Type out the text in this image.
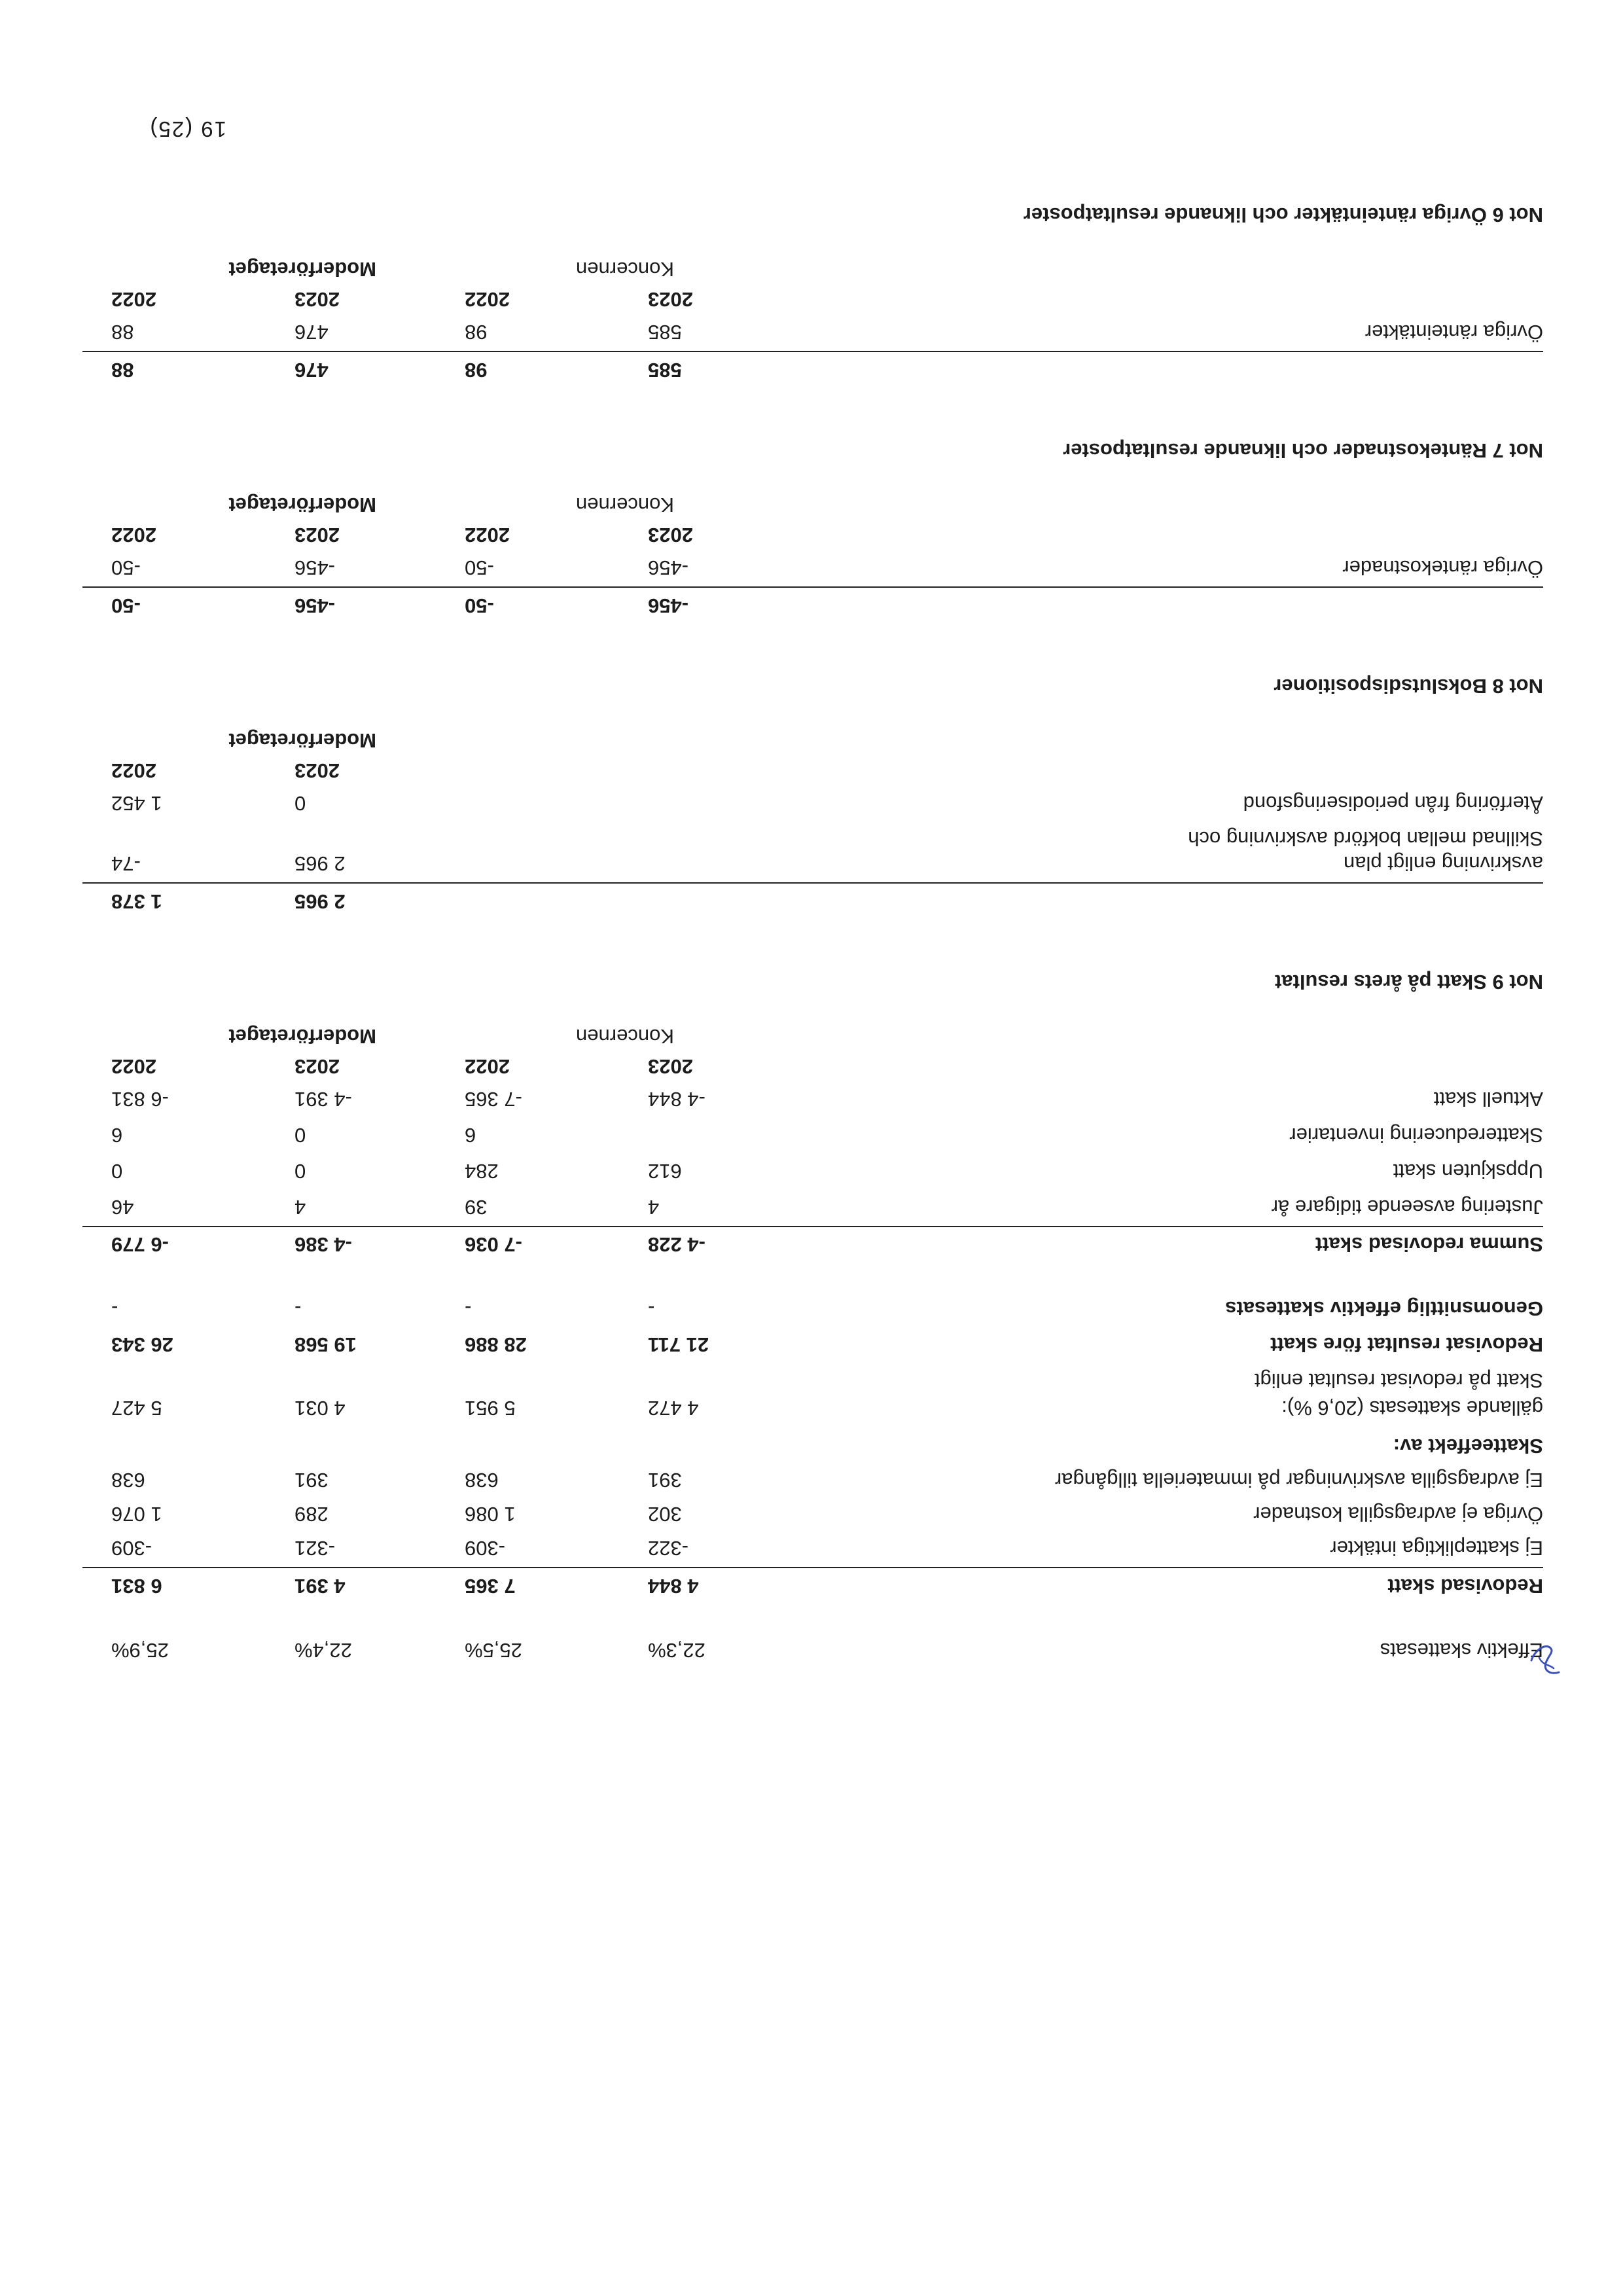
19 (25)
Not 6 Övriga ränteintäkter och liknande resultatposter
Koncernen
Moderföretaget
2023
2022
2023
2022
Övriga ränteintäkter
585
98
476
88
585
98
476
88
Not 7 Räntekostnader och liknande resultatposter
Koncernen
Moderföretaget
2023
2022
2023
2022
Övriga räntekostnader
-456
-50
-456
-50
-456
-50
-456
-50
Not 8 Bokslutsdispositioner
Moderföretaget
2023
2022
Återföring från periodiseringsfond
0
1 452
Skillnad mellan bokförd avskrivning och
avskrivning enligt plan
2 965
-74
2 965
1 378
Not 9 Skatt på årets resultat
Koncernen
Moderföretaget
2023
2022
2023
2022
Aktuell skatt
-4 844
-7 365
-4 391
-6 831
Skattereducering inventarier
6
0
6
Uppskjuten skatt
612
284
0
0
Justering avseende tidigare år
4
39
4
46
Summa redovisad skatt
-4 228
-7 036
-4 386
-6 779
Genomsnittlig effektiv skattesats
-
-
-
-
Redovisat resultat före skatt
21 711
28 886
19 568
26 343
Skatt på redovisat resultat enligt
gällande skattesats (20,6 %):
4 472
5 951
4 031
5 427
Skatteeffekt av:
Ej avdragsgilla avskrivningar på immateriella tillgångar
391
638
391
638
Övriga ej avdragsgilla kostnader
302
1 086
289
1 076
Ej skattepliktiga intäkter
-322
-309
-321
-309
Redovisad skatt
4 844
7 365
4 391
6 831
Effektiv skattesats
22,3%
25,5%
22,4%
25,9%
